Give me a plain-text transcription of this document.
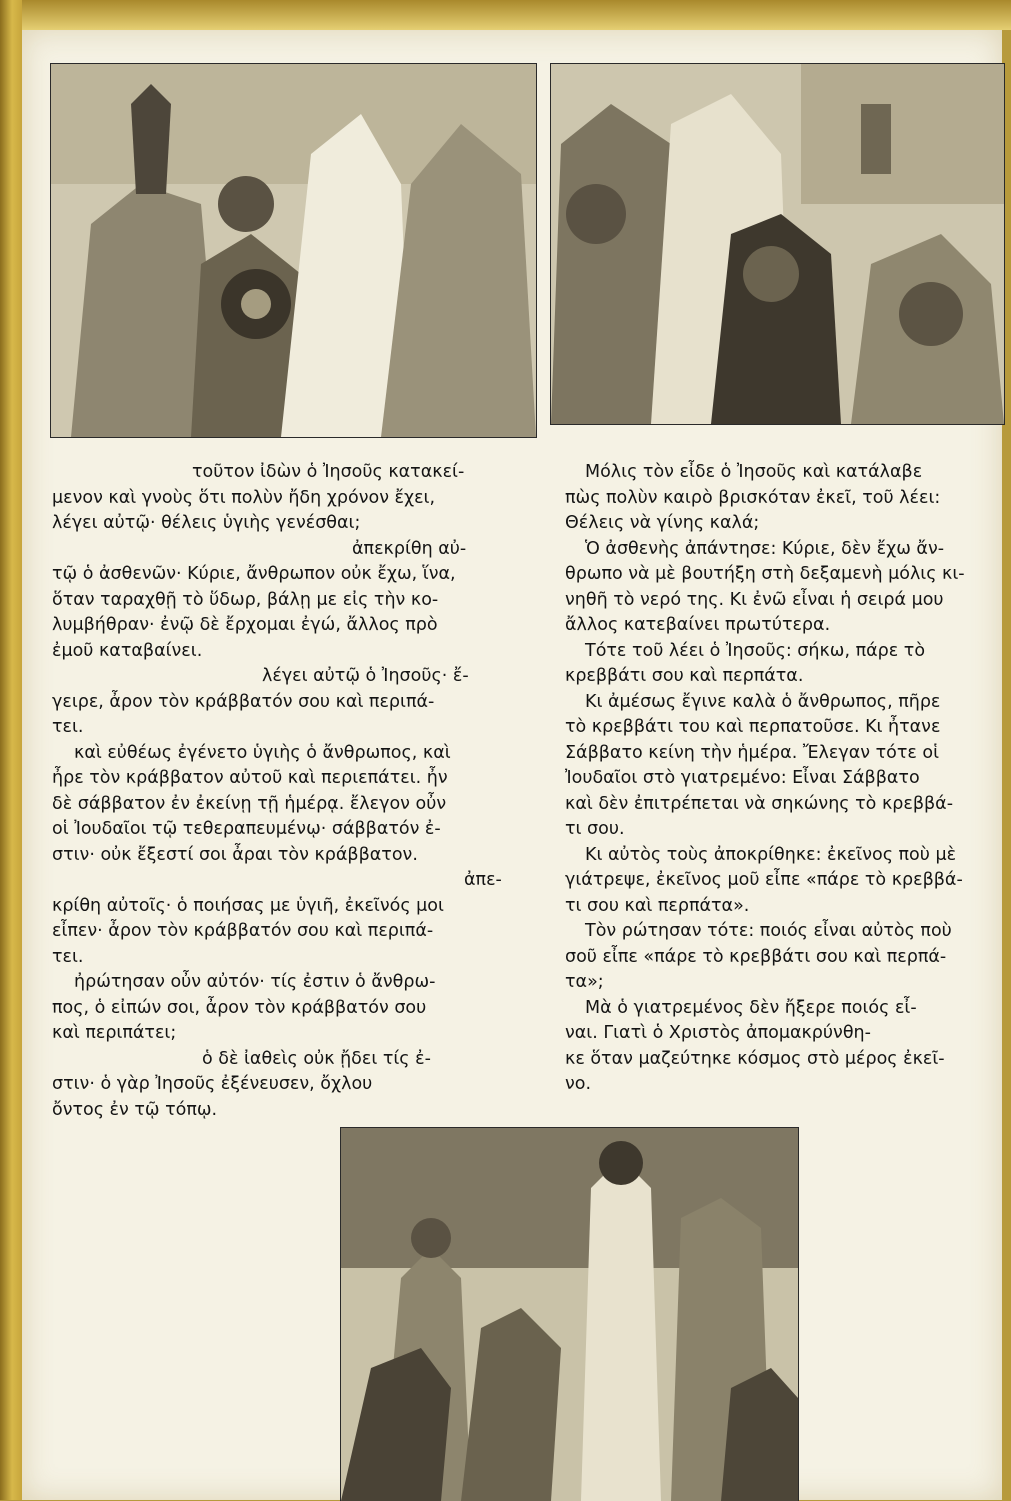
τοῦτον ἰδὼν ὁ Ἰησοῦς κατακεί-
μενον καὶ γνοὺς ὅτι πολὺν ἤδη χρόνον ἔχει,
λέγει αὐτῷ· θέλεις ὑγιὴς γενέσθαι;
ἀπεκρίθη αὐ-
τῷ ὁ ἀσθενῶν· Κύριε, ἄνθρωπον οὐκ ἔχω, ἵνα,
ὅταν ταραχθῇ τὸ ὕδωρ, βάλῃ με εἰς τὴν κο-
λυμβήθραν· ἐνῷ δὲ ἔρχομαι ἐγώ, ἄλλος πρὸ
ἐμοῦ καταβαίνει.
λέγει αὐτῷ ὁ Ἰησοῦς· ἔ-
γειρε, ἆρον τὸν κράββατόν σου καὶ περιπά-
τει.
καὶ εὐθέως ἐγένετο ὑγιὴς ὁ ἄνθρωπος, καὶ
ἦρε τὸν κράββατον αὐτοῦ καὶ περιεπάτει. ἦν
δὲ σάββατον ἐν ἐκείνῃ τῇ ἡμέρᾳ. ἔλεγον οὖν
οἱ Ἰουδαῖοι τῷ τεθεραπευμένῳ· σάββατόν ἐ-
στιν· οὐκ ἔξεστί σοι ἆραι τὸν κράββατον.
ἀπε-
κρίθη αὐτοῖς· ὁ ποιήσας με ὑγιῆ, ἐκεῖνός μοι
εἶπεν· ἆρον τὸν κράββατόν σου καὶ περιπά-
τει.
ἠρώτησαν οὖν αὐτόν· τίς ἐστιν ὁ ἄνθρω-
πος, ὁ εἰπών σοι, ἆρον τὸν κράββατόν σου
καὶ περιπάτει;
ὁ δὲ ἰαθεὶς οὐκ ᾔδει τίς ἐ-
στιν· ὁ γὰρ Ἰησοῦς ἐξένευσεν, ὄχλου
ὄντος ἐν τῷ τόπῳ.
Μόλις τὸν εἶδε ὁ Ἰησοῦς καὶ κατάλαβε
πὼς πολὺν καιρὸ βρισκόταν ἐκεῖ, τοῦ λέει:
Θέλεις νὰ γίνης καλά;
Ὁ ἀσθενὴς ἀπάντησε: Κύριε, δὲν ἔχω ἄν-
θρωπο νὰ μὲ βουτήξη στὴ δεξαμενὴ μόλις κι-
νηθῆ τὸ νερό της. Κι ἐνῶ εἶναι ἡ σειρά μου
ἄλλος κατεβαίνει πρωτύτερα.
Τότε τοῦ λέει ὁ Ἰησοῦς: σήκω, πάρε τὸ
κρεββάτι σου καὶ περπάτα.
Κι ἀμέσως ἔγινε καλὰ ὁ ἄνθρωπος, πῆρε
τὸ κρεββάτι του καὶ περπατοῦσε. Κι ἦτανε
Σάββατο κείνη τὴν ἡμέρα. Ἔλεγαν τότε οἱ
Ἰουδαῖοι στὸ γιατρεμένο: Εἶναι Σάββατο
καὶ δὲν ἐπιτρέπεται νὰ σηκώνης τὸ κρεββά-
τι σου.
Κι αὐτὸς τοὺς ἀποκρίθηκε: ἐκεῖνος ποὺ μὲ
γιάτρεψε, ἐκεῖνος μοῦ εἶπε «πάρε τὸ κρεββά-
τι σου καὶ περπάτα».
Τὸν ρώτησαν τότε: ποιός εἶναι αὐτὸς ποὺ
σοῦ εἶπε «πάρε τὸ κρεββάτι σου καὶ περπά-
τα»;
Μὰ ὁ γιατρεμένος δὲν ἤξερε ποιός εἶ-
ναι. Γιατὶ ὁ Χριστὸς ἀπομακρύνθη-
κε ὅταν μαζεύτηκε κόσμος στὸ μέρος ἐκεῖ-
νο.
